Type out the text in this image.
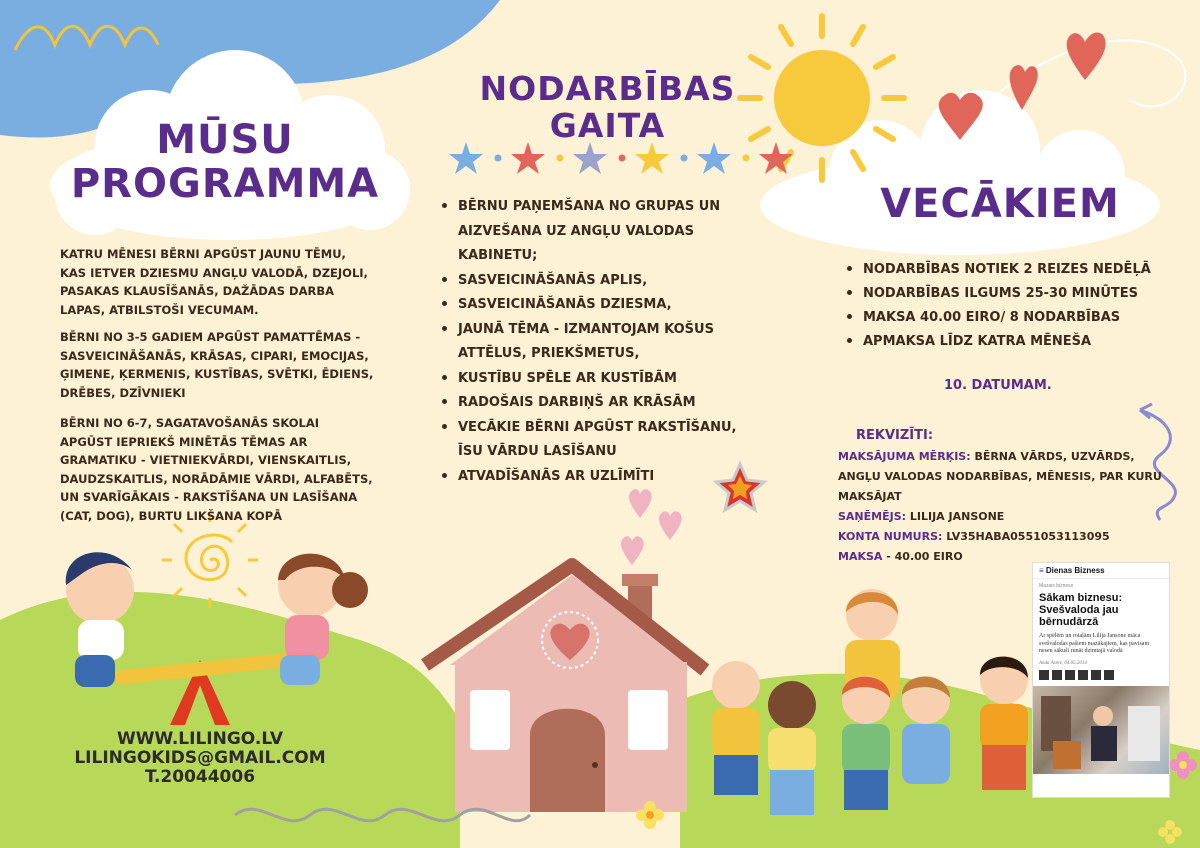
MŪSU
PROGRAMMA
KATRU MĒNESI BĒRNI APGŪST JAUNU TĒMU, KAS IETVER DZIESMU ANGĻU VALODĀ, DZEJOLI, PASAKAS KLAUSĪŠANĀS, DAŽĀDAS DARBA LAPAS, ATBILSTOŠI VECUMAM.
BĒRNI NO 3-5 GADIEM APGŪST PAMATTĒMAS - SASVEICINĀŠANĀS, KRĀSAS, CIPARI, EMOCIJAS, ĢIMENE, ĶERMENIS, KUSTĪBAS, SVĒTKI, ĒDIENS, DRĒBES, DZĪVNIEKI
BĒRNI NO 6-7, SAGATAVOŠANĀS SKOLAI APGŪST IEPRIEKŠ MINĒTĀS TĒMAS AR GRAMATIKU - VIETNIEKVĀRDI, VIENSKAITLIS, DAUDZSKAITLIS, NORĀDĀMIE VĀRDI, ALFABĒTS, UN SVARĪGĀKAIS - RAKSTĪŠANA UN LASĪŠANA (CAT, DOG), BURTU LIKŠANA KOPĀ
WWW.LILINGO.LV
LILINGOKIDS@GMAIL.COM
T.20044006
NODARBĪBAS
GAITA
BĒRNU PAŅEMŠANA NO GRUPAS UN AIZVEŠANA UZ ANGĻU VALODAS KABINETU;
SASVEICINĀŠANĀS APLIS,
SASVEICINĀŠANĀS DZIESMA,
JAUNĀ TĒMA - IZMANTOJAM KOŠUS ATTĒLUS, PRIEKŠMETUS,
KUSTĪBU SPĒLE AR KUSTĪBĀM
RADOŠAIS DARBIŅŠ AR KRĀSĀM
VECĀKIE BĒRNI APGŪST RAKSTĪŠANU, ĪSU VĀRDU LASĪŠANU
ATVADĪŠANĀS AR UZLĪMĪTI
VECĀKIEM
NODARBĪBAS NOTIEK 2 REIZES NEDĒĻĀ
NODARBĪBAS ILGUMS 25-30 MINŪTES
MAKSA 40.00 EIRO/ 8 NODARBĪBAS
APMAKSA LĪDZ KATRA MĒNEŠA
10. DATUMAM.
REKVIZĪTI:
MAKSĀJUMA MĒRĶIS: BĒRNA VĀRDS, UZVĀRDS, ANGĻU VALODAS NODARBĪBAS, MĒNESIS, PAR KURU MAKSĀJAT
SAŅĒMĒJS: LILIJA JANSONE
KONTA NUMURS: LV35HABA0551053113095
MAKSA - 40.00 EIRO
≡ Dienas Bizness
Mazais bizness
Sākam biznesu: Svešvaloda jau bērnudārzā
Ar spēlēm un rotaļām Lilija Jansone māca svešvalodas pašiem mazākajiem, kas pavisam nesen sākuši runāt dzimtajā valodā
Anda Asere, 04.05.2014
